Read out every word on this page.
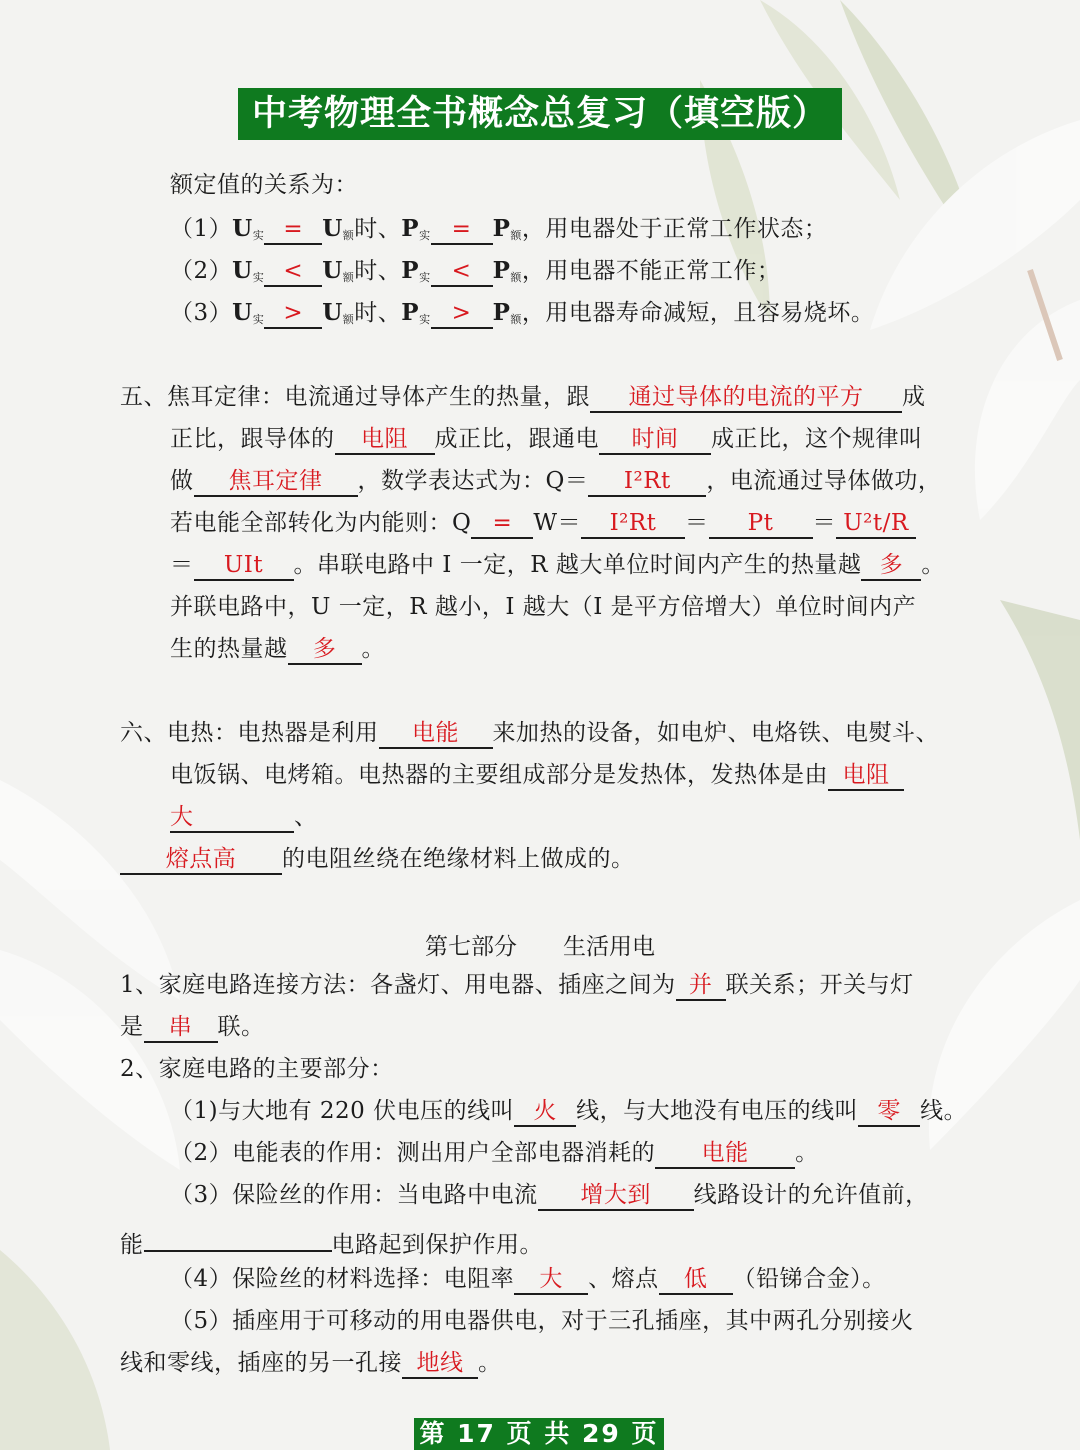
中考物理全书概念总复习（填空版）
额定值的关系为：
$(1)U_实 = U_额$时、$P_实 = P_额$，用电器处于正常工作状态；
$(2)U_实 < U_额$时、$P_实 < P_额$，用电器不能正常工作；
$(3)U_实 > U_额$时、$P_实 > P_额$，用电器寿命减短，且容易烧坏。
五、焦耳定律：电流通过导体产生的热量，跟 通过导体的电流的平方 成
正比，跟导体的 电阻 成正比，跟通电 时间 成正比，这个规律叫
做 焦耳定律 ，数学表达式为：Q＝ I²Rt ，电流通过导体做功，
若电能全部转化为内能则：Q = W＝ I²Rt ＝ Pt ＝ U²t/R
＝ UIt 。串联电路中 I 一定，R 越大单位时间内产生的热量越 多 。
并联电路中，U 一定，R 越小，I 越大（I 是平方倍增大）单位时间内产
生的热量越 多 。
六、电热：电热器是利用 电能 来加热的设备，如电炉、电烙铁、电熨斗、
电饭锅、电烤箱。电热器的主要组成部分是发热体，发热体是由 电阻
大	、
熔点高 的电阻丝绕在绝缘材料上做成的。
第七部分　　生活用电
1、家庭电路连接方法：各盏灯、用电器、插座之间为 并 联关系；开关与灯
是 串 联。
2、家庭电路的主要部分：
（1)与大地有 220 伏电压的线叫 火 线，与大地没有电压的线叫 零 线。
（2）电能表的作用：测出用户全部电器消耗的 电能 。
（3）保险丝的作用：当电路中电流 增大到 线路设计的允许值前，
能	电路起到保护作用。
（4）保险丝的材料选择：电阻率 大 、熔点 低 （铅锑合金）。
（5）插座用于可移动的用电器供电，对于三孔插座，其中两孔分别接火
线和零线，插座的另一孔接 地线 。
第 17 页 共 29 页
